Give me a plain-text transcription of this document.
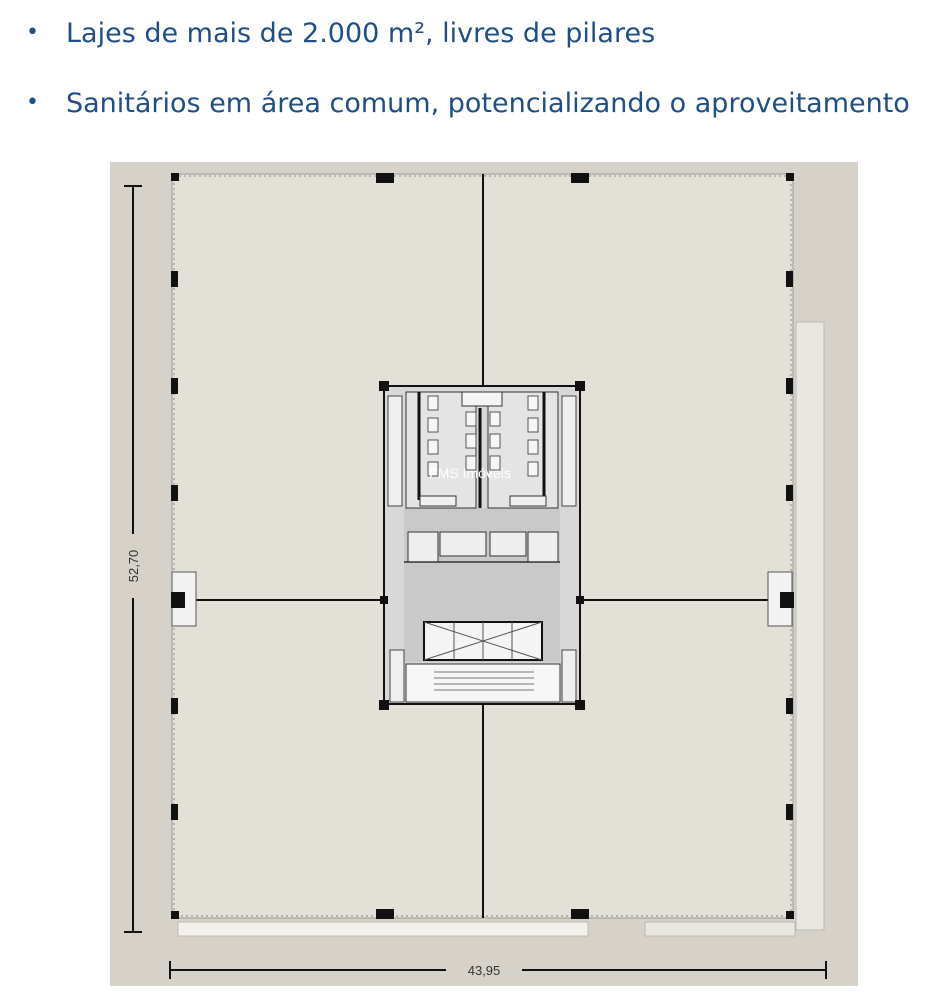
• Lajes de mais de 2.000 m², livres de pilares
• Sanitários em área comum, potencializando o aproveitamento
52,70
43,95
FMS Imóveis
